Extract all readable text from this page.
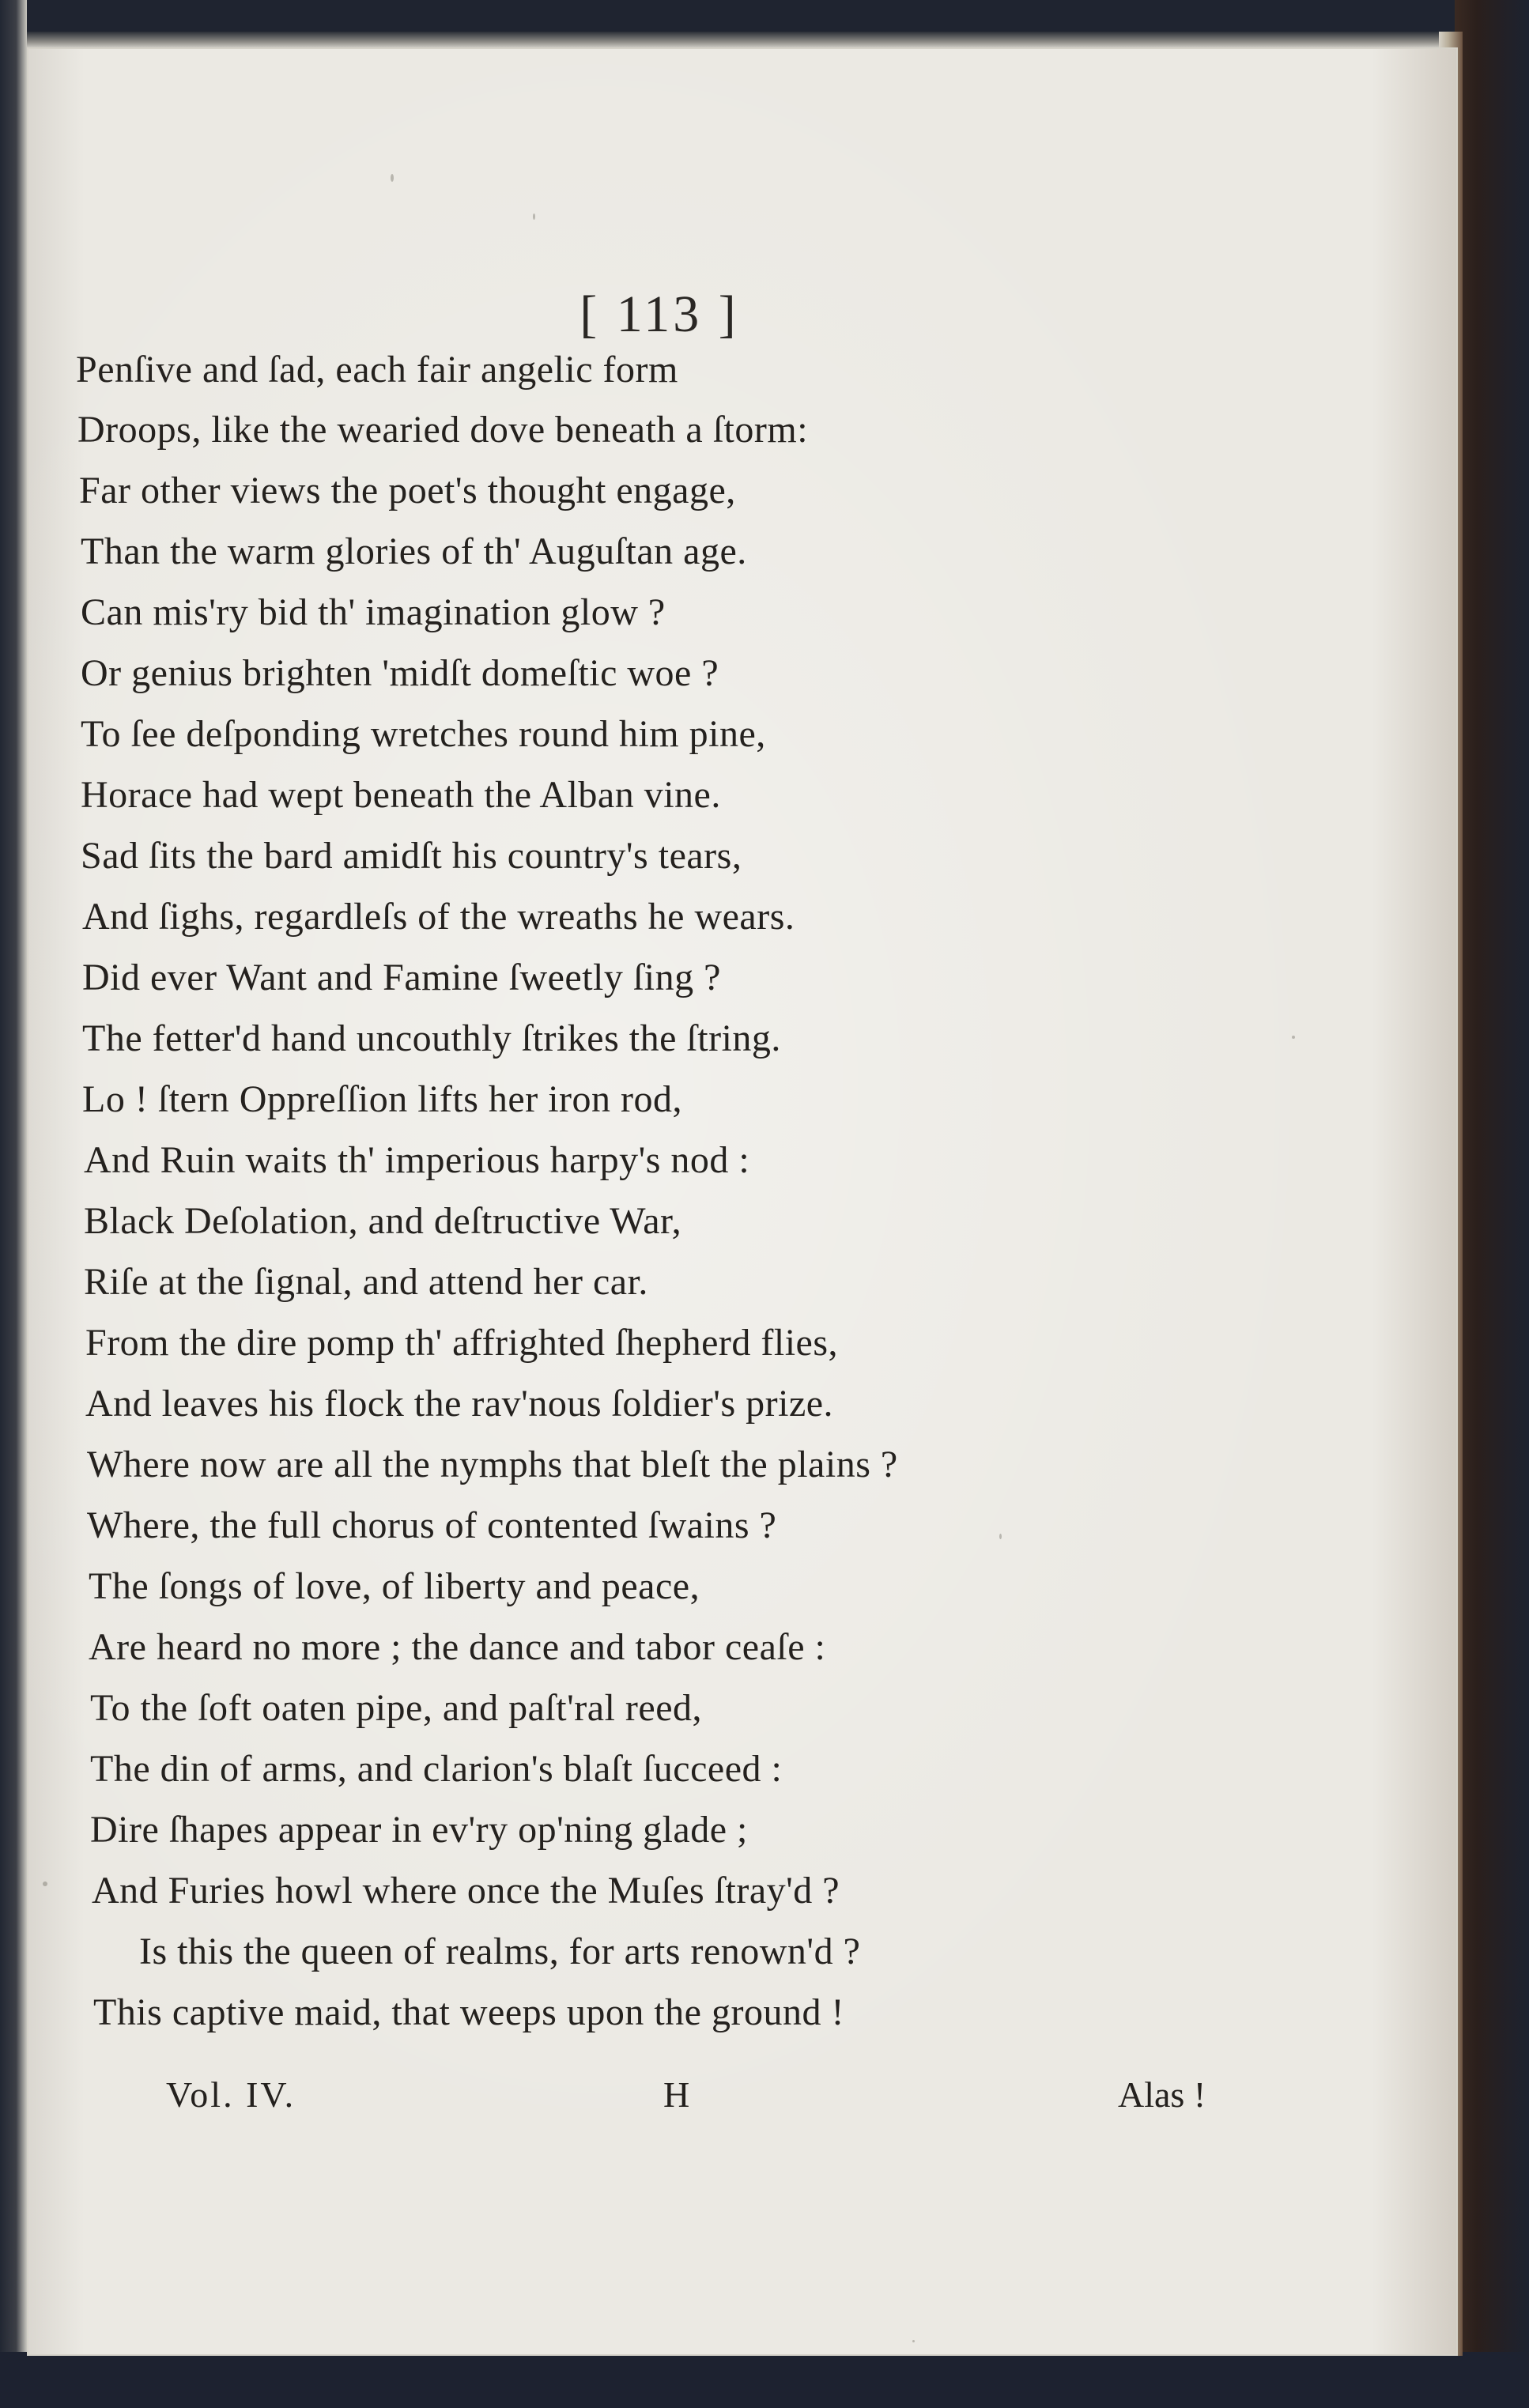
[ 113 ]
Penſive and ſad, each fair angelic form
Droops, like the wearied dove beneath a ſtorm:
Far other views the poet's thought engage,
Than the warm glories of th' Auguſtan age.
Can mis'ry bid th' imagination glow ?
Or genius brighten 'midſt domeſtic woe ?
To ſee deſponding wretches round him pine,
Horace had wept beneath the Alban vine.
Sad ſits the bard amidſt his country's tears,
And ſighs, regardleſs of the wreaths he wears.
Did ever Want and Famine ſweetly ſing ?
The fetter'd hand uncouthly ſtrikes the ſtring.
Lo ! ſtern Oppreſſion lifts her iron rod,
And Ruin waits th' imperious harpy's nod :
Black Deſolation, and deſtructive War,
Riſe at the ſignal, and attend her car.
From the dire pomp th' affrighted ſhepherd flies,
And leaves his flock the rav'nous ſoldier's prize.
Where now are all the nymphs that bleſt the plains ?
Where, the full chorus of contented ſwains ?
The ſongs of love, of liberty and peace,
Are heard no more ; the dance and tabor ceaſe :
To the ſoft oaten pipe, and paſt'ral reed,
The din of arms, and clarion's blaſt ſucceed :
Dire ſhapes appear in ev'ry op'ning glade ;
And Furies howl where once the Muſes ſtray'd ?
Is this the queen of realms, for arts renown'd ?
This captive maid, that weeps upon the ground !
Vol. IV.	H	Alas !
